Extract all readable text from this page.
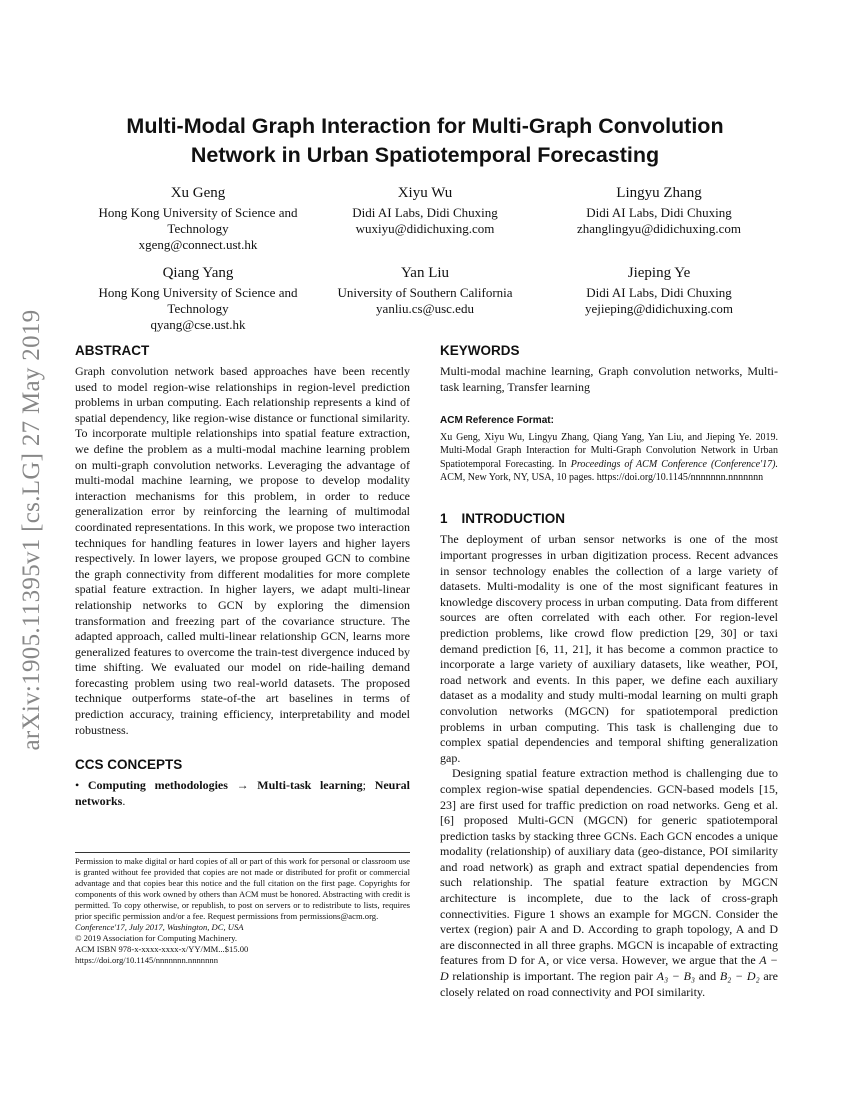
arXiv:1905.11395v1 [cs.LG] 27 May 2019
Multi-Modal Graph Interaction for Multi-Graph Convolution
Network in Urban Spatiotemporal Forecasting
Xu Geng
Hong Kong University of Science and
Technology
xgeng@connect.ust.hk
Xiyu Wu
Didi AI Labs, Didi Chuxing
wuxiyu@didichuxing.com
Lingyu Zhang
Didi AI Labs, Didi Chuxing
zhanglingyu@didichuxing.com
Qiang Yang
Hong Kong University of Science and
Technology
qyang@cse.ust.hk
Yan Liu
University of Southern California
yanliu.cs@usc.edu
Jieping Ye
Didi AI Labs, Didi Chuxing
yejieping@didichuxing.com
ABSTRACT

Graph convolution network based approaches have been recently used to model region-wise relationships in region-level prediction problems in urban computing. Each relationship represents a kind of spatial dependency, like region-wise distance or functional similarity. To incorporate multiple relationships into spatial feature extraction, we define the problem as a multi-modal machine learning problem on multi-graph convolution networks. Leveraging the advantage of multi-modal machine learning, we propose to develop modality interaction mechanisms for this problem, in order to reduce generalization error by reinforcing the learning of multimodal coordinated representations. In this work, we propose two interaction techniques for handling features in lower layers and higher layers respectively. In lower layers, we propose grouped GCN to combine the graph connectivity from different modalities for more complete spatial feature extraction. In higher layers, we adapt multi-linear relationship networks to GCN by exploring the dimension transformation and freezing part of the covariance structure. The adapted approach, called multi-linear relationship GCN, learns more generalized features to overcome the train-test divergence induced by time shifting. We evaluated our model on ride-hailing demand forecasting problem using two real-world datasets. The proposed technique outperforms state-of-the art baselines in terms of prediction accuracy, training efficiency, interpretability and model robustness.

CCS CONCEPTS

• Computing methodologies → Multi-task learning; Neural networks.

Permission to make digital or hard copies of all or part of this work for personal or classroom use is granted without fee provided that copies are not made or distributed for profit or commercial advantage and that copies bear this notice and the full citation on the first page. Copyrights for components of this work owned by others than ACM must be honored. Abstracting with credit is permitted. To copy otherwise, or republish, to post on servers or to redistribute to lists, requires prior specific permission and/or a fee. Request permissions from permissions@acm.org.
Conference'17, July 2017, Washington, DC, USA
© 2019 Association for Computing Machinery.
ACM ISBN 978-x-xxxx-xxxx-x/YY/MM...$15.00
https://doi.org/10.1145/nnnnnnn.nnnnnnn
KEYWORDS

Multi-modal machine learning, Graph convolution networks, Multi-task learning, Transfer learning

ACM Reference Format:

Xu Geng, Xiyu Wu, Lingyu Zhang, Qiang Yang, Yan Liu, and Jieping Ye. 2019. Multi-Modal Graph Interaction for Multi-Graph Convolution Network in Urban Spatiotemporal Forecasting. In Proceedings of ACM Conference (Conference'17). ACM, New York, NY, USA, 10 pages. https://doi.org/10.1145/nnnnnnn.nnnnnnn

1 INTRODUCTION

The deployment of urban sensor networks is one of the most important progresses in urban digitization process. Recent advances in sensor technology enables the collection of a large variety of datasets. Multi-modality is one of the most significant features in knowledge discovery process in urban computing. Data from different sources are often correlated with each other. For region-level prediction problems, like crowd flow prediction [29, 30] or taxi demand prediction [6, 11, 21], it has become a common practice to incorporate a large variety of auxiliary datasets, like weather, POI, road network and events. In this paper, we define each auxiliary dataset as a modality and study multi-modal learning on multi graph convolution networks (MGCN) for spatiotemporal prediction problems in urban computing. This task is challenging due to complex spatial dependencies and temporal shifting generalization gap.

Designing spatial feature extraction method is challenging due to complex region-wise spatial dependencies. GCN-based models [15, 23] are first used for traffic prediction on road networks. Geng et al. [6] proposed Multi-GCN (MGCN) for generic spatiotemporal prediction tasks by stacking three GCNs. Each GCN encodes a unique modality (relationship) of auxiliary data (geo-distance, POI similarity and road network) as graph and extract spatial dependencies from such relationship. The spatial feature extraction by MGCN architecture is incomplete, due to the lack of cross-graph connectivities. Figure 1 shows an example for MGCN. Consider the vertex (region) pair A and D. According to graph topology, A and D are disconnected in all three graphs. MGCN is incapable of extracting features from D for A, or vice versa. However, we argue that the A − D relationship is important. The region pair A₃ − B₃ and B₂ − D₂ are closely related on road connectivity and POI similarity.
